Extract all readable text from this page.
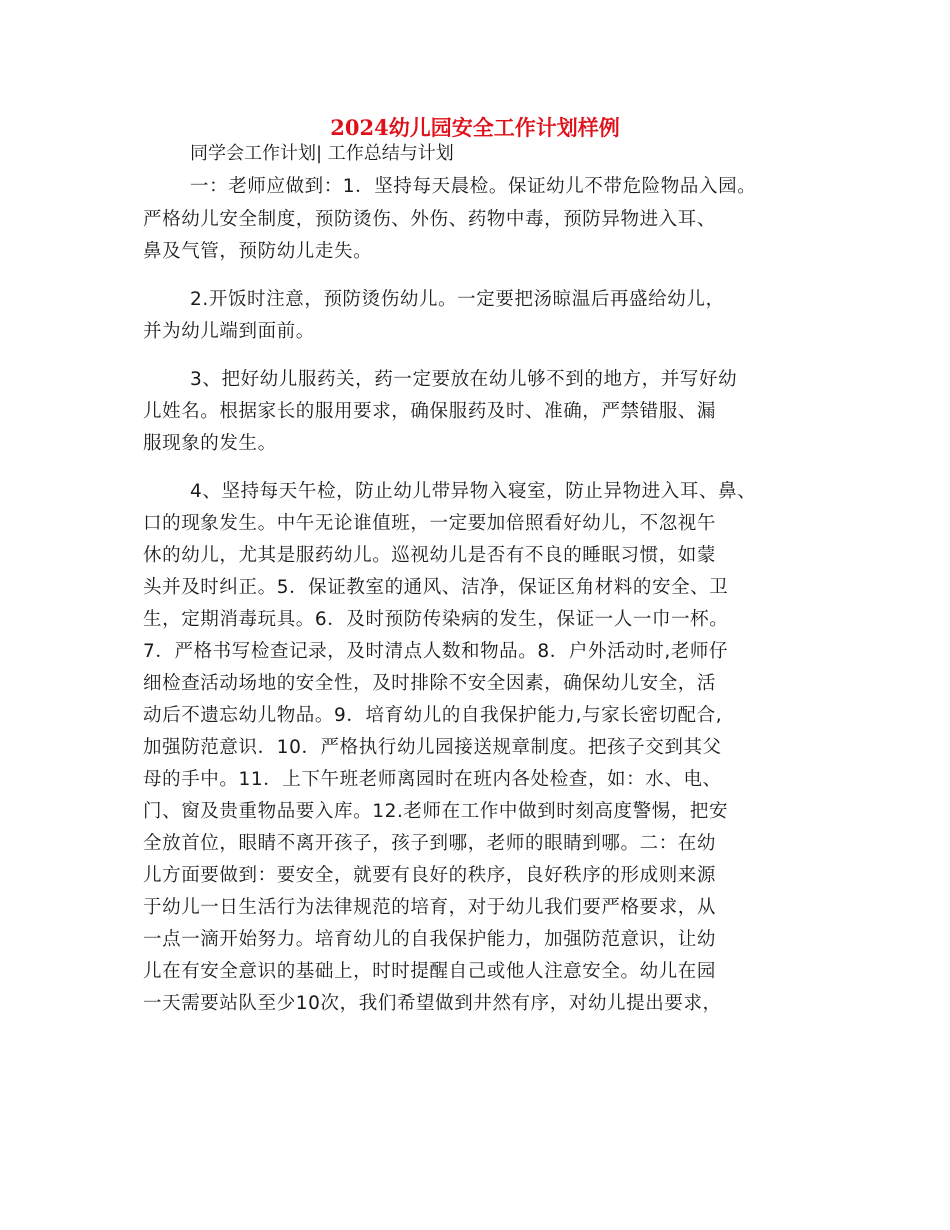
2024幼儿园安全工作计划样例
同学会工作计划| 工作总结与计划
一：老师应做到：1．坚持每天晨检。保证幼儿不带危险物品入园。
严格幼儿安全制度，预防烫伤、外伤、药物中毒，预防异物进入耳、
鼻及气管，预防幼儿走失。
2.开饭时注意，预防烫伤幼儿。一定要把汤晾温后再盛给幼儿，
并为幼儿端到面前。
3、把好幼儿服药关，药一定要放在幼儿够不到的地方，并写好幼
儿姓名。根据家长的服用要求，确保服药及时、准确，严禁错服、漏
服现象的发生。
4、坚持每天午检，防止幼儿带异物入寝室，防止异物进入耳、鼻、
口的现象发生。中午无论谁值班，一定要加倍照看好幼儿，不忽视午
休的幼儿，尤其是服药幼儿。巡视幼儿是否有不良的睡眠习惯，如蒙
头并及时纠正。5．保证教室的通风、洁净，保证区角材料的安全、卫
生，定期消毒玩具。6．及时预防传染病的发生，保证一人一巾一杯。
7．严格书写检查记录，及时清点人数和物品。8．户外活动时,老师仔
细检查活动场地的安全性，及时排除不安全因素，确保幼儿安全，活
动后不遗忘幼儿物品。9．培育幼儿的自我保护能力,与家长密切配合,
加强防范意识．10．严格执行幼儿园接送规章制度。把孩子交到其父
母的手中。11．上下午班老师离园时在班内各处检查，如：水、电、
门、窗及贵重物品要入库。12.老师在工作中做到时刻高度警惕，把安
全放首位，眼睛不离开孩子，孩子到哪，老师的眼睛到哪。二：在幼
儿方面要做到：要安全，就要有良好的秩序，良好秩序的形成则来源
于幼儿一日生活行为法律规范的培育，对于幼儿我们要严格要求，从
一点一滴开始努力。培育幼儿的自我保护能力，加强防范意识，让幼
儿在有安全意识的基础上，时时提醒自己或他人注意安全。幼儿在园
一天需要站队至少10次，我们希望做到井然有序，对幼儿提出要求，
